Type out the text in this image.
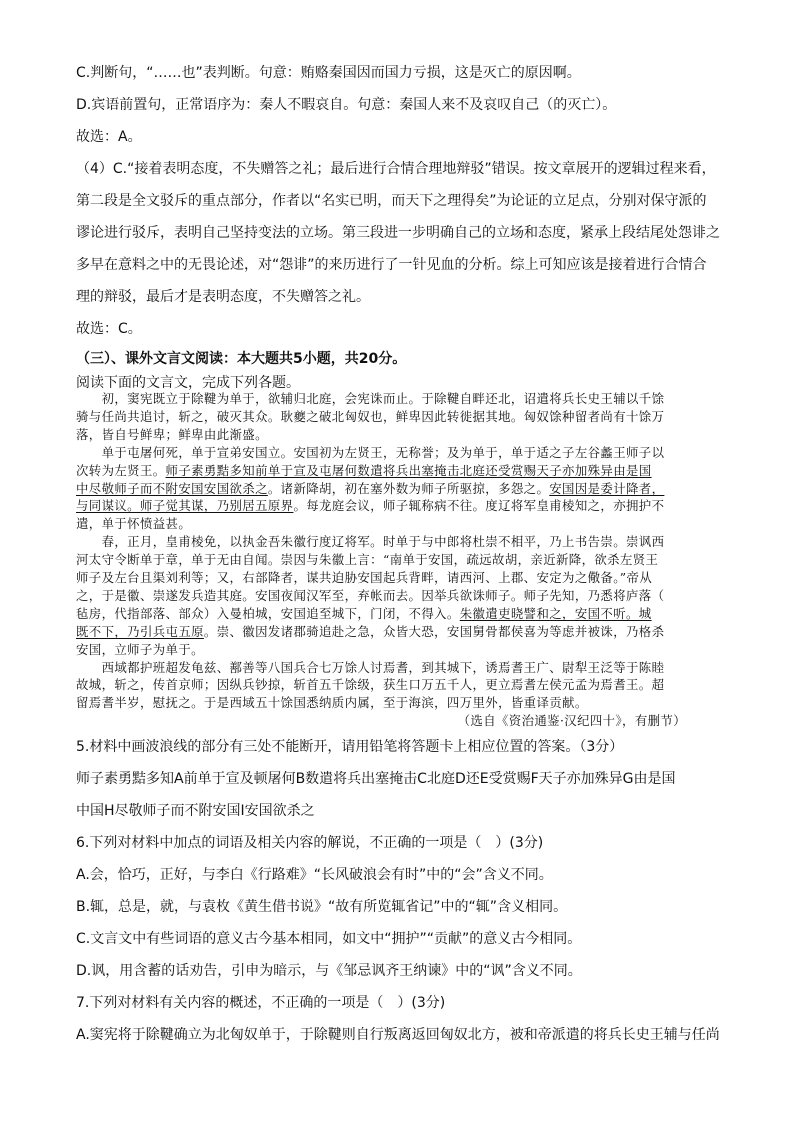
C.判断句，“……也”表判断。句意：贿赂秦国因而国力亏损，这是灭亡的原因啊。
D.宾语前置句，正常语序为：秦人不暇哀自。句意：秦国人来不及哀叹自己（的灭亡）。
故选：A。
（4）C.“接着表明态度，不失赠答之礼；最后进行合情合理地辩驳”错误。按文章展开的逻辑过程来看，
第二段是全文驳斥的重点部分，作者以“名实已明，而天下之理得矣”为论证的立足点，分别对保守派的
谬论进行驳斥，表明自己坚持变法的立场。第三段进一步明确自己的立场和态度，紧承上段结尾处怨诽之
多早在意料之中的无畏论述，对“怨诽”的来历进行了一针见血的分析。综上可知应该是接着进行合情合
理的辩驳，最后才是表明态度，不失赠答之礼。
故选：C。
（三）、课外文言文阅读：本大题共5小题，共20分。
阅读下面的文言文，完成下列各题。
　　初，窦宪既立于除鞬为单于，欲辅归北庭，会宪诛而止。于除鞬自畔还北，诏遣将兵长史王辅以千馀
骑与任尚共追讨，斩之，破灭其众。耿夔之破北匈奴也，鲜卑因此转徙据其地。匈奴馀种留者尚有十馀万
落，皆自号鲜卑；鲜卑由此渐盛。
　　单于屯屠何死，单于宣弟安国立。安国初为左贤王，无称誉；及为单于，单于适之子左谷蠡王师子以
次转为左贤王。师子素勇黠多知前单于宣及屯屠何数遣将兵出塞掩击北庭还受赏赐天子亦加殊异由是国
中尽敬师子而不附安国安国欲杀之。诸新降胡，初在塞外数为师子所驱掠，多怨之。安国因是委计降者，
与同谋议。师子觉其谋，乃别居五原界。每龙庭会议，师子辄称病不往。度辽将军皇甫棱知之，亦拥护不
遣，单于怀愤益甚。
　　春，正月，皇甫棱免，以执金吾朱徽行度辽将军。时单于与中郎将杜崇不相平，乃上书告崇。崇讽西
河太守令断单于章，单于无由自闻。崇因与朱徽上言：“南单于安国，疏远故胡，亲近新降，欲杀左贤王
师子及左台且渠刘利等；又，右部降者，谋共迫胁安国起兵背畔，请西河、上郡、安定为之儆备。”帝从
之，于是徽、崇遂发兵造其庭。安国夜闻汉军至，弃帐而去。因举兵欲诛师子。师子先知，乃悉将庐落（
毡房，代指部落、部众）入曼柏城，安国追至城下，门闭，不得入。朱徽遣吏晓譬和之，安国不听。城
既不下，乃引兵屯五原。崇、徽因发诸郡骑追赴之急，众皆大恐，安国舅骨都侯喜为等虑并被诛，乃格杀
安国，立师子为单于。
　　西域都护班超发龟兹、鄯善等八国兵合七万馀人讨焉耆，到其城下，诱焉耆王广、尉犁王泛等于陈睦
故城，斩之，传首京师；因纵兵钞掠，斩首五千馀级，获生口万五千人，更立焉耆左侯元孟为焉耆王。超
留焉耆半岁，慰抚之。于是西域五十馀国悉纳质内属，至于海滨，四万里外，皆重译贡献。
（选自《资治通鉴·汉纪四十》，有删节）
5.材料中画波浪线的部分有三处不能断开，请用铅笔将答题卡上相应位置的答案。（3分）
师子素勇黠多知A前单于宣及顿屠何B数遣将兵出塞掩击C北庭D还E受赏赐F天子亦加殊异G由是国
中国H尽敬师子而不附安国I安国欲杀之
6.下列对材料中加点的词语及相关内容的解说，不正确的一项是（　）(3分)
A.会，恰巧，正好，与李白《行路难》“长风破浪会有时”中的“会”含义不同。
B.辄，总是，就，与袁枚《黄生借书说》“故有所览辄省记”中的“辄”含义相同。
C.文言文中有些词语的意义古今基本相同，如文中“拥护”“贡献”的意义古今相同。
D.讽，用含蓄的话劝告，引申为暗示，与《邹忌讽齐王纳谏》中的“讽”含义不同。
7.下列对材料有关内容的概述，不正确的一项是（　）(3分)
A.窦宪将于除鞬确立为北匈奴单于，于除鞬则自行叛离返回匈奴北方，被和帝派遣的将兵长史王辅与任尚
